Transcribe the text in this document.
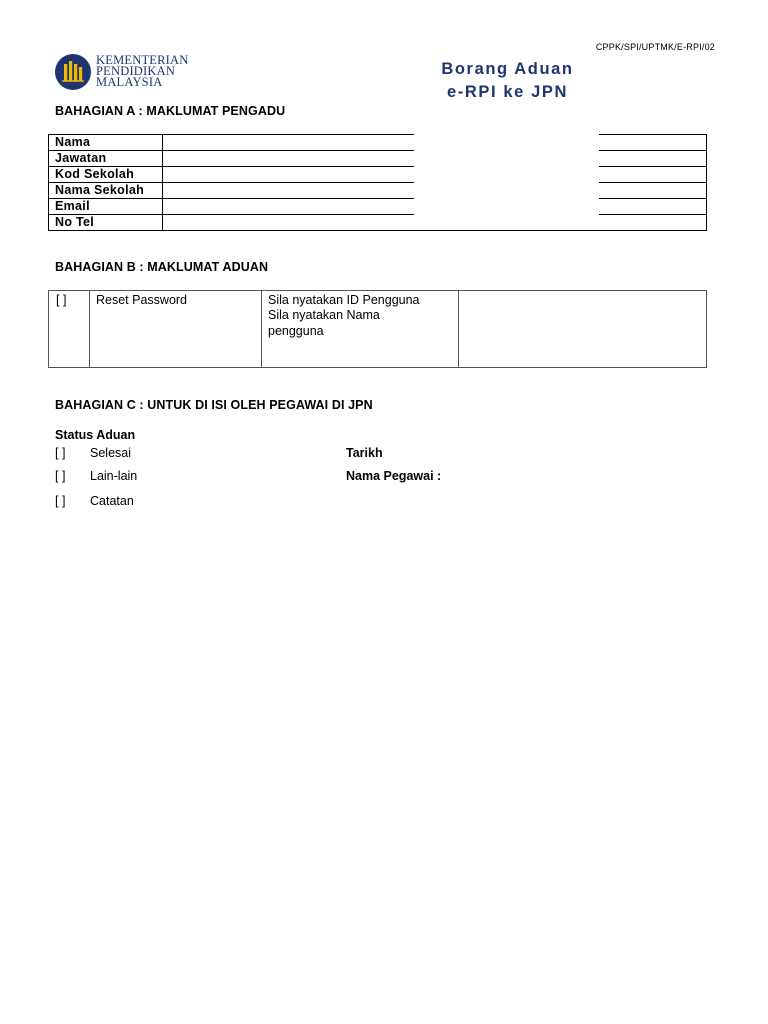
CPPK/SPI/UPTMK/E-RPI/02
KEMENTERIAN
PENDIDIKAN
MALAYSIA
Borang Aduan
e-RPI ke JPN
BAHAGIAN A : MAKLUMAT PENGADU
Nama
Jawatan
Kod Sekolah
Nama Sekolah
Email
No Tel
BAHAGIAN B : MAKLUMAT ADUAN
[ ] Reset Password	Sila nyatakan ID Pengguna
Sila nyatakan Nama
pengguna
BAHAGIAN C : UNTUK DI ISI OLEH PEGAWAI DI JPN
Status Aduan
[ ] Selesai
[ ] Lain-lain
[ ] Catatan
Tarikh
Nama Pegawai :
